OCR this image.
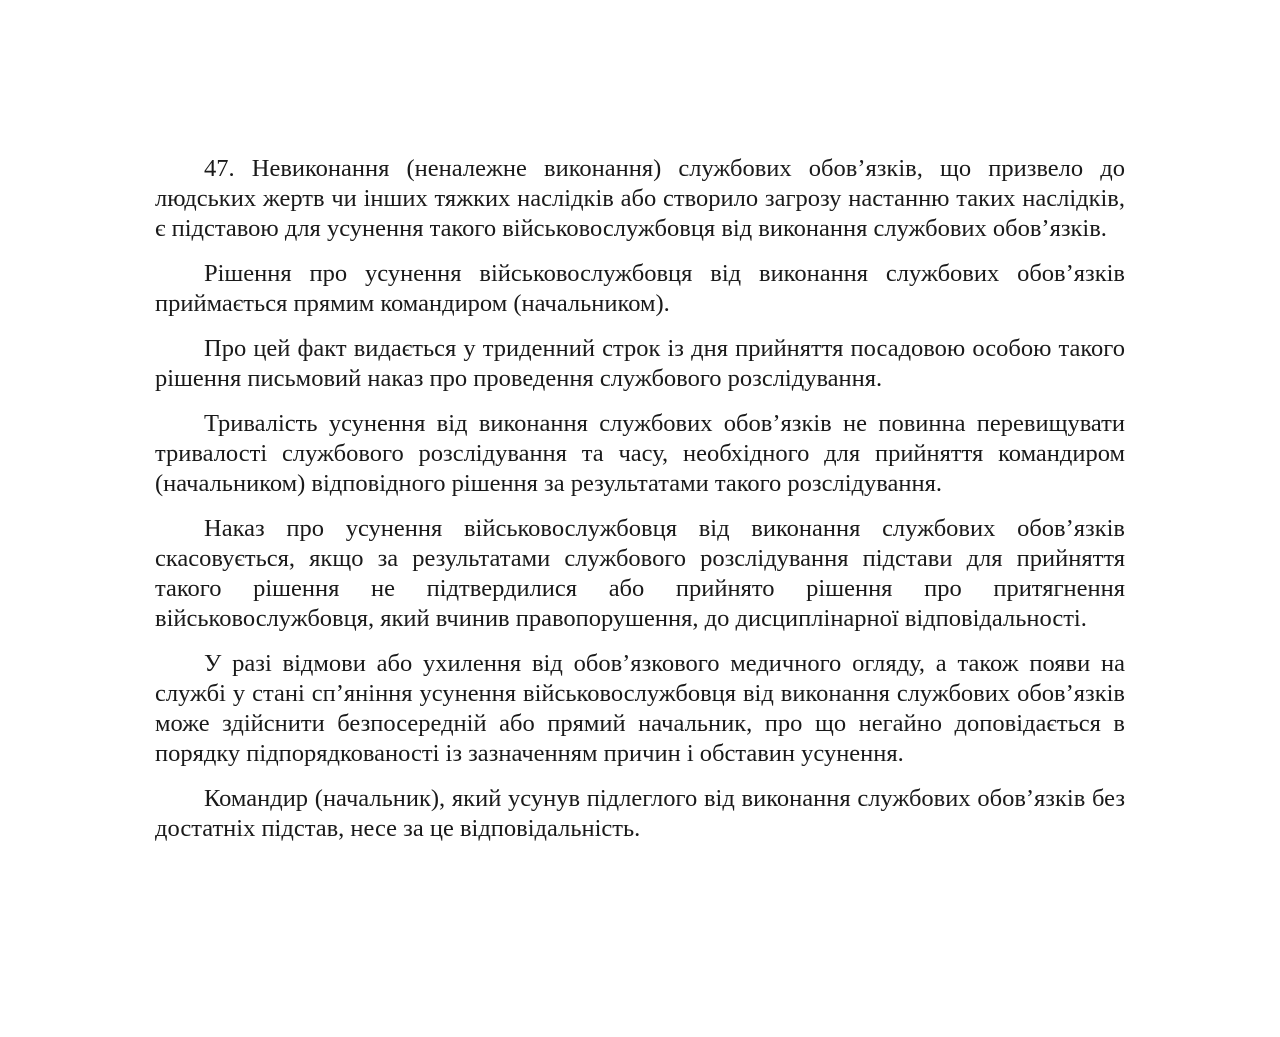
47. Невиконання (неналежне виконання) службових обов’язків, що призвело до людських жертв чи інших тяжких наслідків або створило загрозу настанню таких наслідків, є підставою для усунення такого військовослужбовця від виконання службових обов’язків.

Рішення про усунення військовослужбовця від виконання службових обов’язків приймається прямим командиром (начальником).

Про цей факт видається у триденний строк із дня прийняття посадовою особою такого рішення письмовий наказ про проведення службового розслідування.

Тривалість усунення від виконання службових обов’язків не повинна перевищувати тривалості службового розслідування та часу, необхідного для прийняття командиром (начальником) відповідного рішення за результатами такого розслідування.

Наказ про усунення військовослужбовця від виконання службових обов’язків скасовується, якщо за результатами службового розслідування підстави для прийняття такого рішення не підтвердилися або прийнято рішення про притягнення військовослужбовця, який вчинив правопорушення, до дисциплінарної відповідальності.

У разі відмови або ухилення від обов’язкового медичного огляду, а також появи на службі у стані сп’яніння усунення військовослужбовця від виконання службових обов’язків може здійснити безпосередній або прямий начальник, про що негайно доповідається в порядку підпорядкованості із зазначенням причин і обставин усунення.

Командир (начальник), який усунув підлеглого від виконання службових обов’язків без достатніх підстав, несе за це відповідальність.
